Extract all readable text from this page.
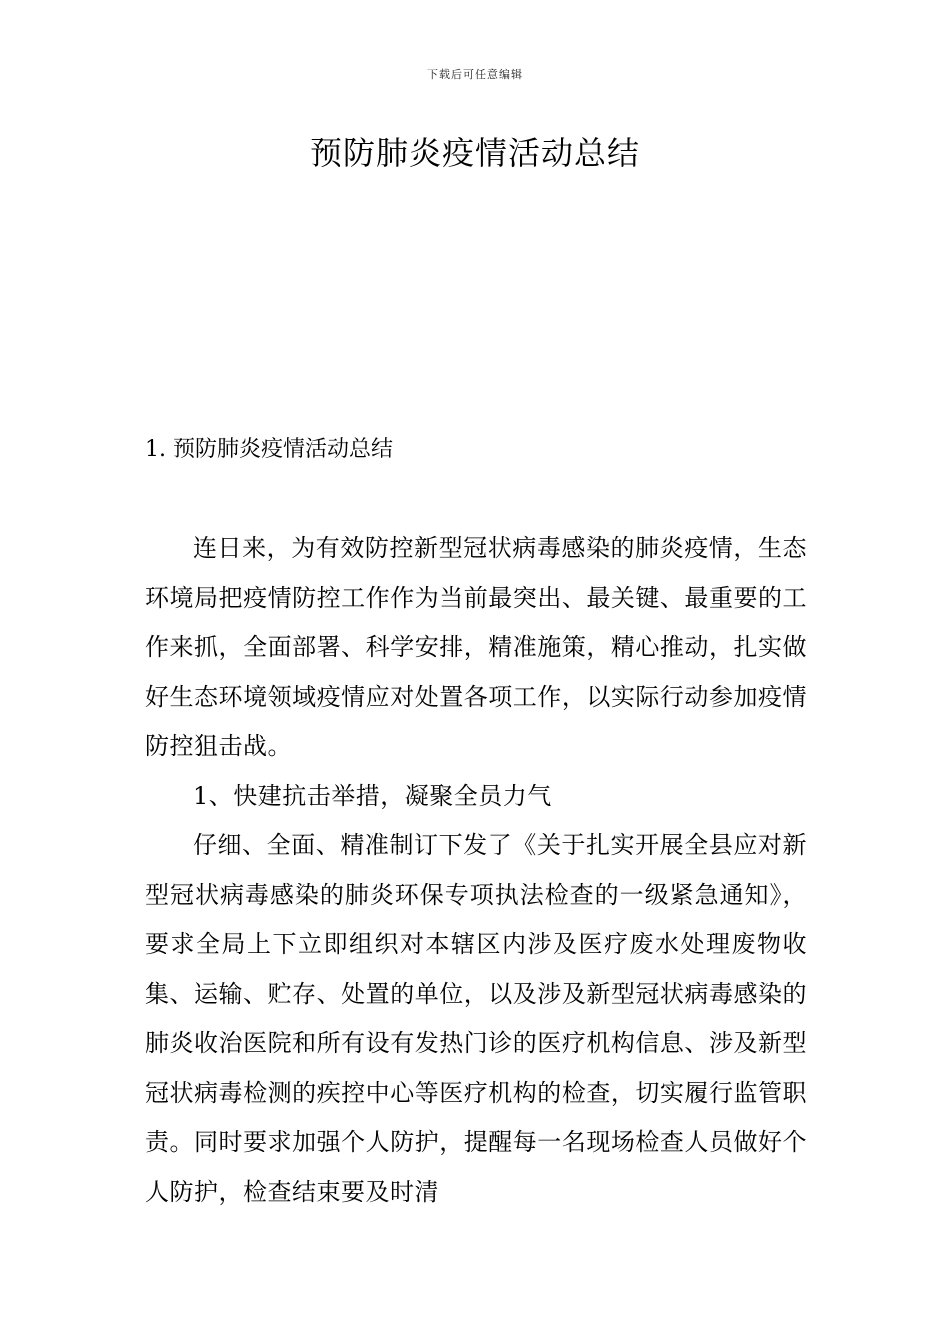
下载后可任意编辑
预防肺炎疫情活动总结
1. 预防肺炎疫情活动总结

连日来，为有效防控新型冠状病毒感染的肺炎疫情，生态环境局把疫情防控工作作为当前最突出、最关键、最重要的工作来抓，全面部署、科学安排，精准施策，精心推动，扎实做好生态环境领域疫情应对处置各项工作，以实际行动参加疫情防控狙击战。

1、快建抗击举措，凝聚全员力气

仔细、全面、精准制订下发了《关于扎实开展全县应对新型冠状病毒感染的肺炎环保专项执法检查的一级紧急通知》，要求全局上下立即组织对本辖区内涉及医疗废水处理废物收集、运输、贮存、处置的单位，以及涉及新型冠状病毒感染的肺炎收治医院和所有设有发热门诊的医疗机构信息、涉及新型冠状病毒检测的疾控中心等医疗机构的检查，切实履行监管职责。同时要求加强个人防护，提醒每一名现场检查人员做好个人防护，检查结束要及时清
